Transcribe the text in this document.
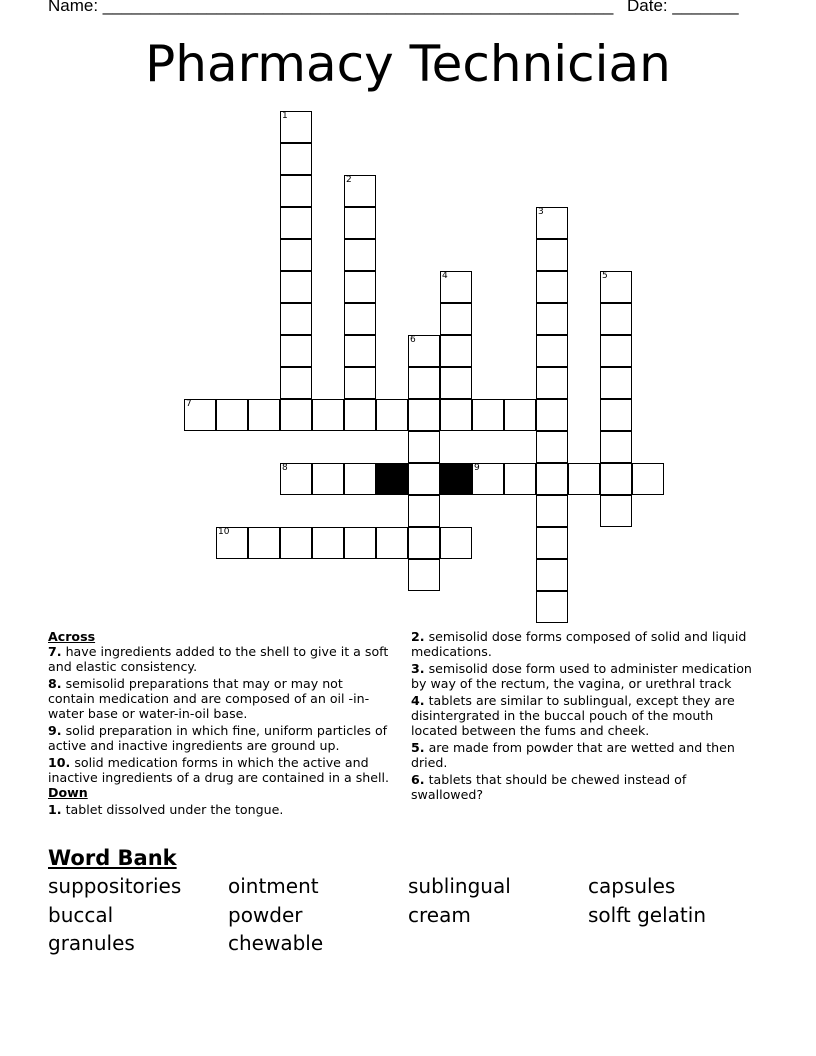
Name: ______________________________________________________ Date: _______
Pharmacy Technician
1
2
3
4	5
6
7
8	9
10

Across

7. have ingredients added to the shell to give it a soft and elastic consistency.

8. semisolid preparations that may or may not contain medication and are composed of an oil -in-water base or water-in-oil base.

9. solid preparation in which fine, uniform particles of active and inactive ingredients are ground up.

10. solid medication forms in which the active and inactive ingredients of a drug are contained in a shell.

Down

1. tablet dissolved under the tongue.

2. semisolid dose forms composed of solid and liquid medications.

3. semisolid dose form used to administer medication by way of the rectum, the vagina, or urethral track

4. tablets are similar to sublingual, except they are disintergrated in the buccal pouch of the mouth located between the fums and cheek.

5. are made from powder that are wetted and then dried.

6. tablets that should be chewed instead of swallowed?

Word Bank
suppositories ointment	sublingual	capsules
buccal	powder	cream	solft gelatin
granules	chewable
